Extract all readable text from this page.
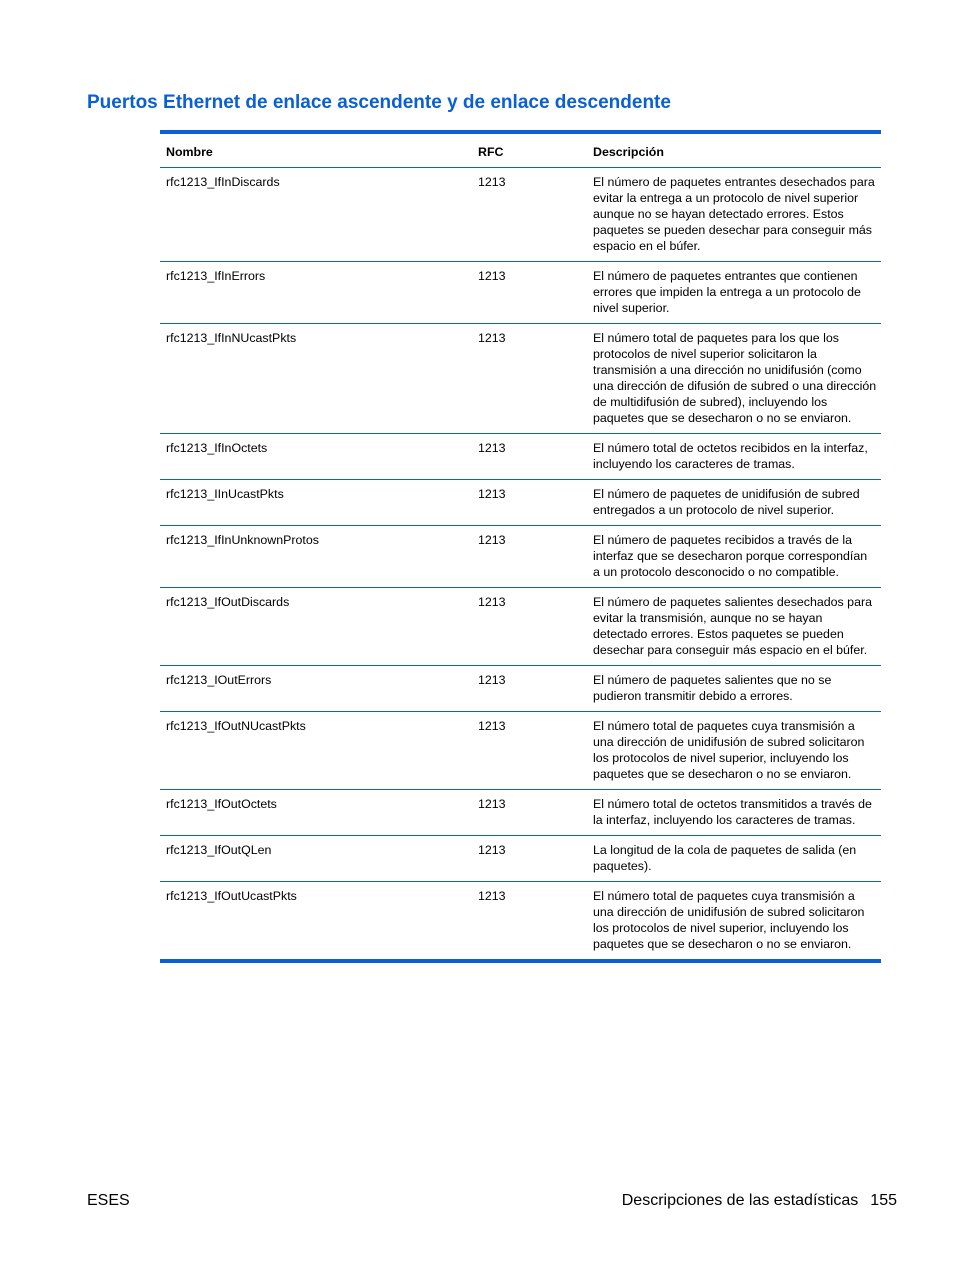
Puertos Ethernet de enlace ascendente y de enlace descendente
Nombre	RFC	Descripción
rfc1213_IfInDiscards	1213	El número de paquetes entrantes desechados para evitar la entrega a un protocolo de nivel superior aunque no se hayan detectado errores. Estos paquetes se pueden desechar para conseguir más espacio en el búfer.
rfc1213_IfInErrors	1213	El número de paquetes entrantes que contienen errores que impiden la entrega a un protocolo de nivel superior.
rfc1213_IfInNUcastPkts	1213	El número total de paquetes para los que los protocolos de nivel superior solicitaron la transmisión a una dirección no unidifusión (como una dirección de difusión de subred o una dirección de multidifusión de subred), incluyendo los paquetes que se desecharon o no se enviaron.
rfc1213_IfInOctets	1213	El número total de octetos recibidos en la interfaz, incluyendo los caracteres de tramas.
rfc1213_IInUcastPkts	1213	El número de paquetes de unidifusión de subred entregados a un protocolo de nivel superior.
rfc1213_IfInUnknownProtos	1213	El número de paquetes recibidos a través de la interfaz que se desecharon porque correspondían a un protocolo desconocido o no compatible.
rfc1213_IfOutDiscards	1213	El número de paquetes salientes desechados para evitar la transmisión, aunque no se hayan detectado errores. Estos paquetes se pueden desechar para conseguir más espacio en el búfer.
rfc1213_IOutErrors	1213	El número de paquetes salientes que no se pudieron transmitir debido a errores.
rfc1213_IfOutNUcastPkts	1213	El número total de paquetes cuya transmisión a una dirección de unidifusión de subred solicitaron los protocolos de nivel superior, incluyendo los paquetes que se desecharon o no se enviaron.
rfc1213_IfOutOctets	1213	El número total de octetos transmitidos a través de la interfaz, incluyendo los caracteres de tramas.
rfc1213_IfOutQLen	1213	La longitud de la cola de paquetes de salida (en paquetes).
rfc1213_IfOutUcastPkts	1213	El número total de paquetes cuya transmisión a una dirección de unidifusión de subred solicitaron los protocolos de nivel superior, incluyendo los paquetes que se desecharon o no se enviaron.
ESES	Descripciones de las estadísticas 155
